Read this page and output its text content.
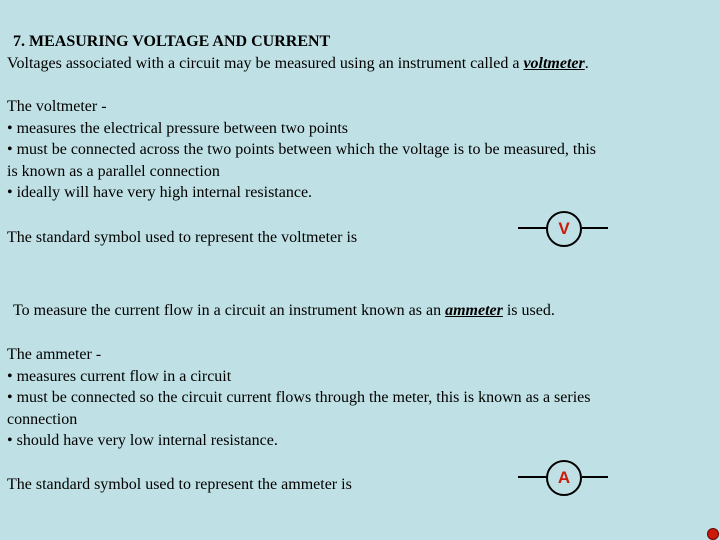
7. MEASURING VOLTAGE AND CURRENT
Voltages associated with a circuit may be measured using an instrument called a voltmeter.
The voltmeter -
• measures the electrical pressure between two points
• must be connected across the two points between which the voltage is to be measured, this
is known as a parallel connection
• ideally will have very high internal resistance.
The standard symbol used to represent the voltmeter is	V
To measure the current flow in a circuit an instrument known as an ammeter is used.
The ammeter -
• measures current flow in a circuit
• must be connected so the circuit current flows through the meter, this is known as a series
connection
• should have very low internal resistance.
The standard symbol used to represent the ammeter is	A
